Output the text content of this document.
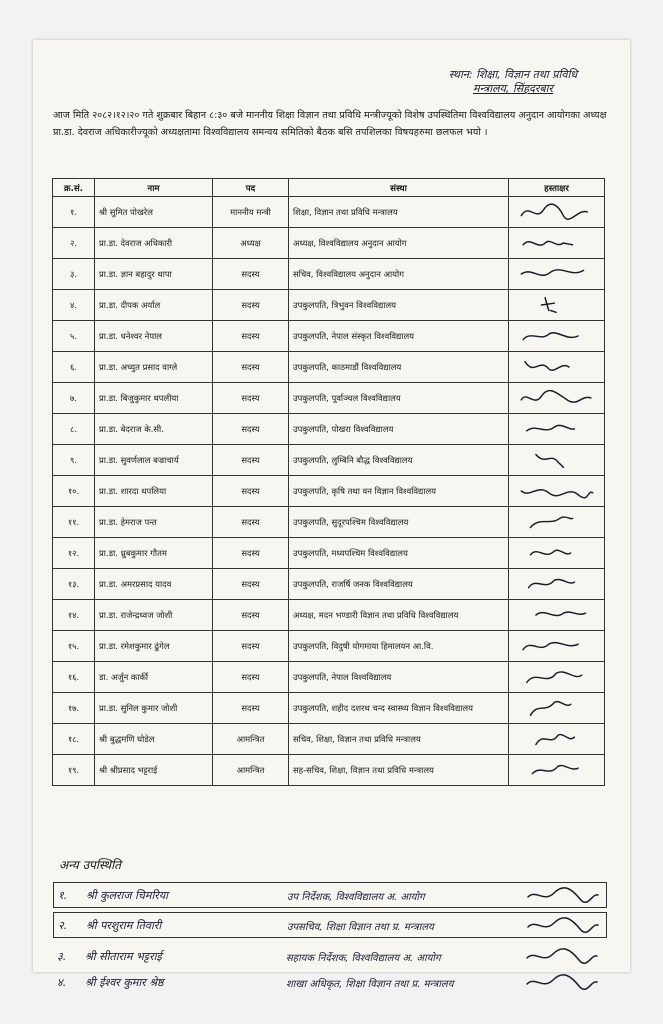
स्थान: शिक्षा, विज्ञान तथा प्रविधि
मन्त्रालय, सिंहदरबार
आज मिति २०८२।१२।२० गते शुक्रबार बिहान ८:३० बजे माननीय शिक्षा विज्ञान तथा प्रविधि मन्त्रीज्यूको विशेष उपस्थितिमा विश्वविद्यालय अनुदान आयोगका अध्यक्ष प्रा.डा. देवराज अधिकारीज्यूको अध्यक्षतामा विश्वविद्यालय समन्वय समितिको बैठक बसि तपशिलका विषयहरुमा छलफल भयो ।
क्र.सं.	नाम	पद	संस्था	हस्ताक्षर
१.	श्री सुमित पोखरेल	माननीय मन्त्री	शिक्षा, विज्ञान तथा प्रविधि मन्त्रालय	

२.	प्रा.डा. देवराज अधिकारी	अध्यक्ष	अध्यक्ष, विश्वविद्यालय अनुदान आयोग	

३.	प्रा.डा. ज्ञान बहादुर थापा	सदस्य	सचिव, विश्वविद्यालय अनुदान आयोग	

४.	प्रा.डा. दीपक अर्याल	सदस्य	उपकुलपति, त्रिभुवन विश्वविद्यालय	

५.	प्रा.डा. धनेश्वर नेपाल	सदस्य	उपकुलपति, नेपाल संस्कृत विश्वविद्यालय	

६.	प्रा.डा. अच्युत प्रसाद वाग्ले	सदस्य	उपकुलपति, काठमाडौं विश्वविद्यालय	

७.	प्रा.डा. बिजुकुमार थपलीया	सदस्य	उपकुलपति, पूर्वाञ्चल विश्वविद्यालय	

८.	प्रा.डा. बेदराज के.सी.	सदस्य	उपकुलपति, पोखरा विश्वविद्यालय	

९.	प्रा.डा. सुवर्णलाल बज्राचार्य	सदस्य	उपकुलपति, लुम्बिनि बौद्ध विश्वविद्यालय	

१०.	प्रा.डा. शारदा थपलिया	सदस्य	उपकुलपति, कृषि तथा वन विज्ञान विश्वविद्यालय	

११.	प्रा.डा. हेमराज पन्त	सदस्य	उपकुलपति, सुदूरपश्चिम विश्वविद्यालय	

१२.	प्रा.डा. ध्रुबकुमार गौतम	सदस्य	उपकुलपति, मध्यपश्चिम विश्वविद्यालय	

१३.	प्रा.डा. अमरप्रसाद यादव	सदस्य	उपकुलपति, राजर्षि जनक विश्वविद्यालय	

१४.	प्रा.डा. राजेन्द्रध्वज जोशी	सदस्य	अध्यक्ष, मदन भण्डारी विज्ञान तथा प्रविधि विश्वविद्यालय	

१५.	प्रा.डा. रमेशकुमार ढुंगेल	सदस्य	उपकुलपति, विदुषी योगमाया हिमालयन आ.वि.	

१६.	डा. अर्जुन कार्की	सदस्य	उपकुलपति, नेपाल विश्वविद्यालय	

१७.	प्रा.डा. सुनिल कुमार जोशी	सदस्य	उपकुलपति, शहीद दशरथ चन्द स्वास्थ्य विज्ञान विश्वविद्यालय	

१८.	श्री बुद्धमणि घोडेल	आमन्त्रित	सचिव, शिक्षा, विज्ञान तथा प्रविधि मन्त्रालय	

१९.	श्री श्रीप्रसाद भट्टराई	आमन्त्रित	सह-सचिव, शिक्षा, विज्ञान तथा प्रविधि मन्त्रालय	
अन्य उपस्थिति
१. श्री कुलराज चिमरिया	उप निर्देशक, विश्वविद्यालय अ. आयोग
२. श्री परशुराम तिवारी	उपसचिव, शिक्षा विज्ञान तथा प्र. मन्त्रालय
३. श्री सीताराम भट्टराई	सहायक निर्देशक, विश्वविद्यालय अ. आयोग
४. श्री ईश्वर कुमार श्रेष्ठ	शाखा अधिकृत, शिक्षा विज्ञान तथा प्र. मन्त्रालय
